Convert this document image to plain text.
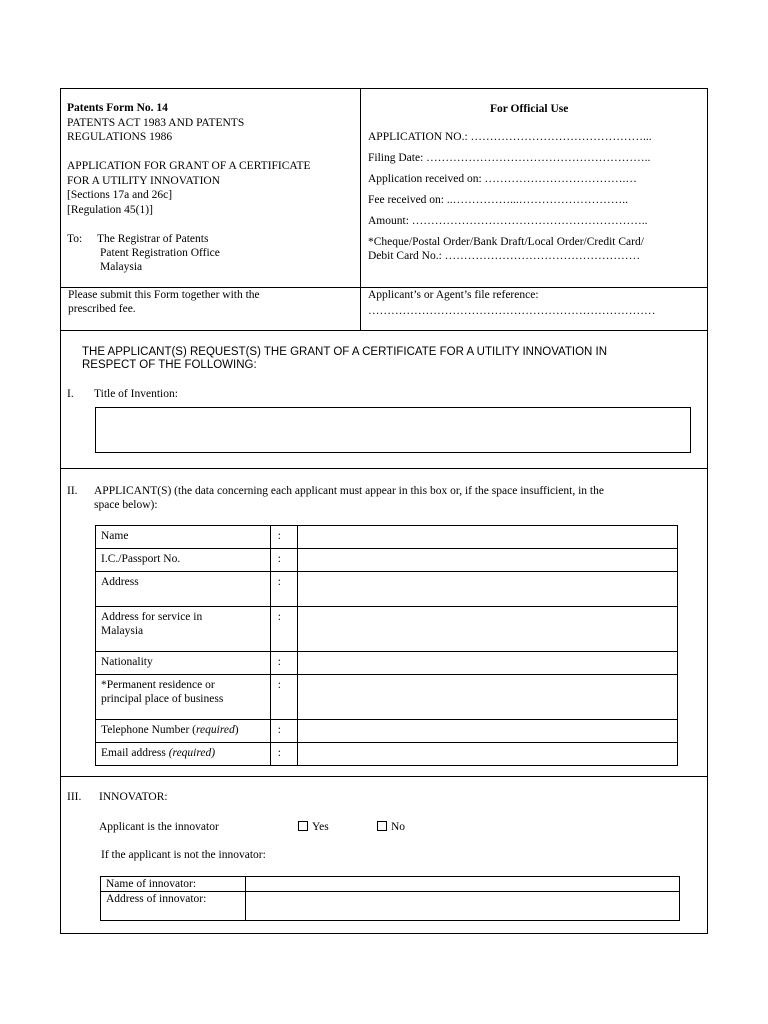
Patents Form No. 14
PATENTS ACT 1983 AND PATENTS
REGULATIONS 1986
APPLICATION FOR GRANT OF A CERTIFICATE
FOR A UTILITY INNOVATION
[Sections 17a and 26c]
[Regulation 45(1)]
To: The Registrar of Patents
Patent Registration Office
Malaysia
For Official Use
APPLICATION NO.: ………………………………………...
Filing Date: …………………………………………………..
Application received on: ……………………………….…
Fee received on: ..……………...………………………..
Amount: ……………………………………………………..
*Cheque/Postal Order/Bank Draft/Local Order/Credit Card/
Debit Card No.: ……………………………………………
Please submit this Form together with the
prescribed fee.
Applicant’s or Agent’s file reference:
…………………………………………………………………
THE APPLICANT(S) REQUEST(S) THE GRANT OF A CERTIFICATE FOR A UTILITY INNOVATION IN
RESPECT OF THE FOLLOWING:
I. Title of Invention:
II. APPLICANT(S) (the data concerning each applicant must appear in this box or, if the space insufficient, in the
space below):
Name	:	
I.C./Passport No.	:	
Address	:	
Address for service in
Malaysia	:	
Nationality	:	
*Permanent residence or
principal place of business	:	
Telephone Number (required)	:	
Email address (required)	:	
III. INNOVATOR:
Applicant is the innovator	Yes	No
If the applicant is not the innovator:
Name of innovator:	
Address of innovator:	
